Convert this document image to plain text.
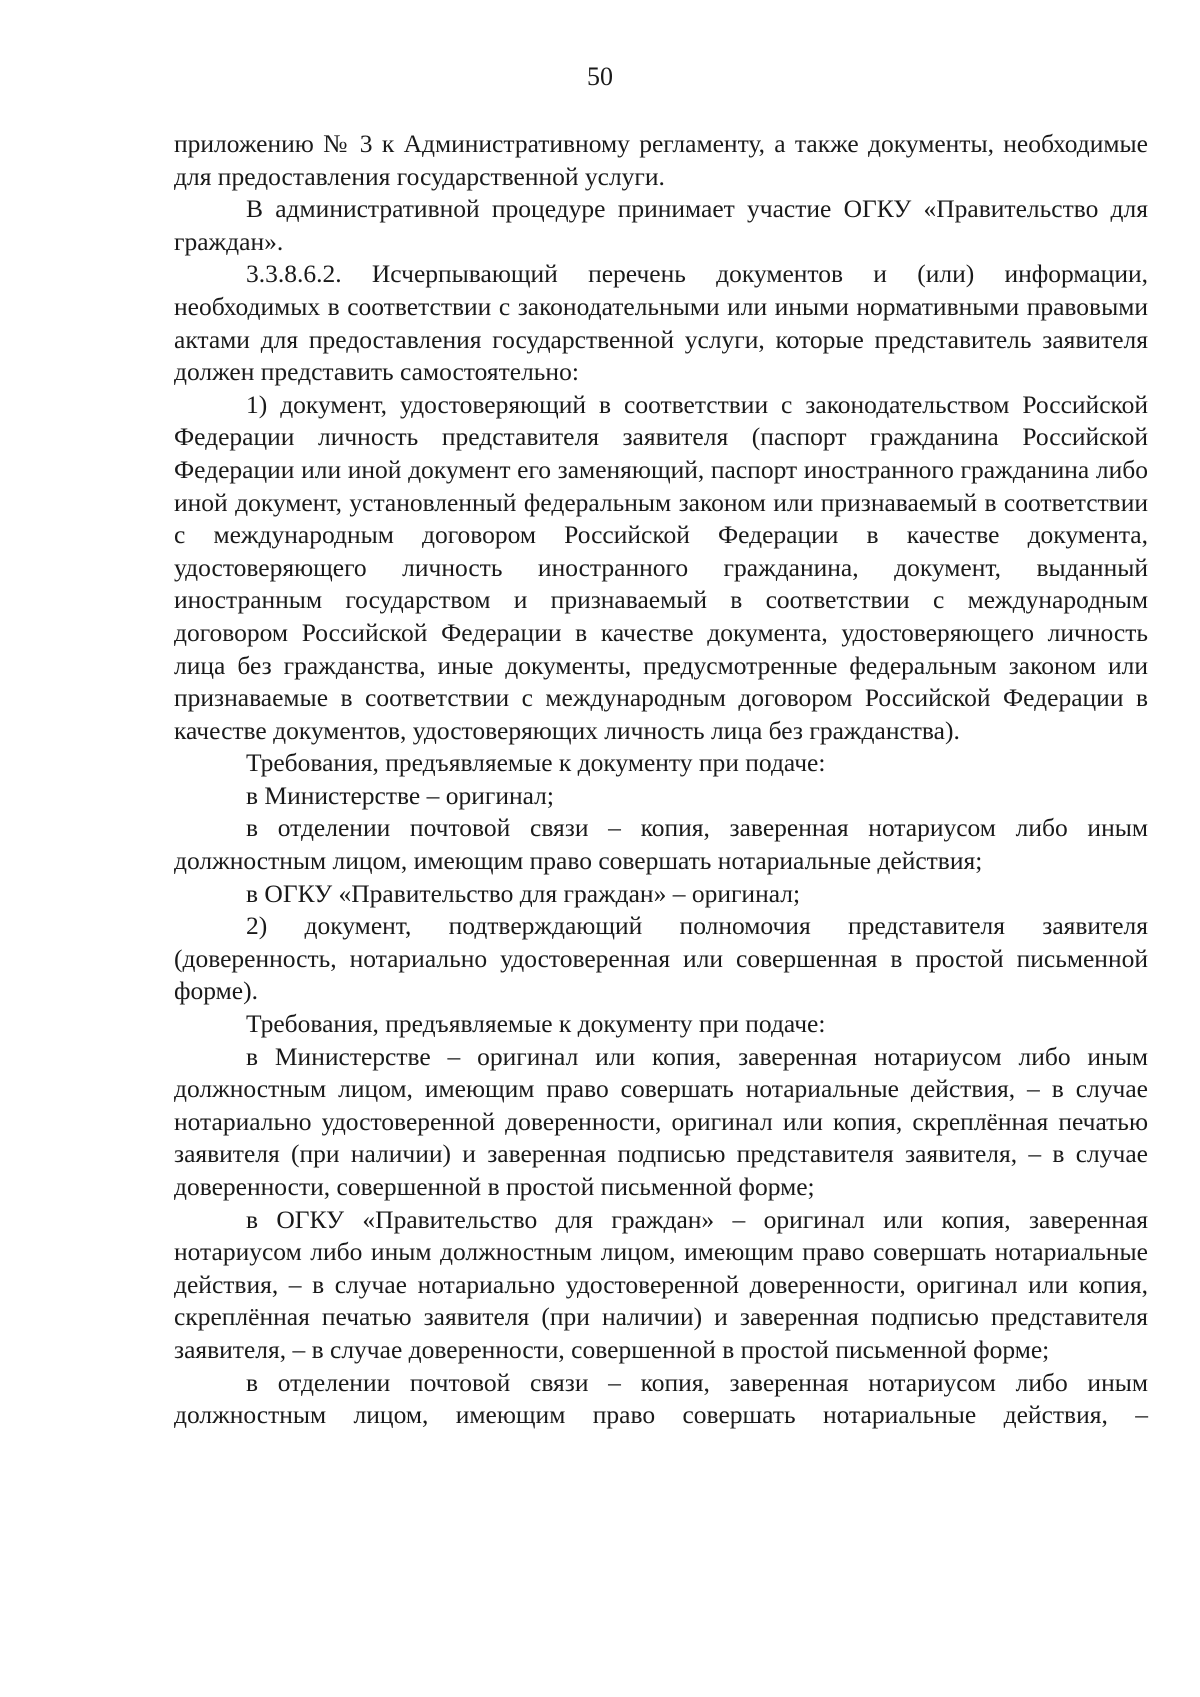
50

приложению № 3 к Административному регламенту, а также документы, необходимые для предоставления государственной услуги.

В административной процедуре принимает участие ОГКУ «Правительство для граждан».

3.3.8.6.2. Исчерпывающий перечень документов и (или) информации, необходимых в соответствии с законодательными или иными нормативными правовыми актами для предоставления государственной услуги, которые представитель заявителя должен представить самостоятельно:

1) документ, удостоверяющий в соответствии с законодательством Российской Федерации личность представителя заявителя (паспорт гражданина Российской Федерации или иной документ его заменяющий, паспорт иностранного гражданина либо иной документ, установленный федеральным законом или признаваемый в соответствии с международным договором Российской Федерации в качестве документа, удостоверяющего личность иностранного гражданина, документ, выданный иностранным государством и признаваемый в соответствии с международным договором Российской Федерации в качестве документа, удостоверяющего личность лица без гражданства, иные документы, предусмотренные федеральным законом или признаваемые в соответствии с международным договором Российской Федерации в качестве документов, удостоверяющих личность лица без гражданства).

Требования, предъявляемые к документу при подаче:

в Министерстве – оригинал;

в отделении почтовой связи – копия, заверенная нотариусом либо иным должностным лицом, имеющим право совершать нотариальные действия;

в ОГКУ «Правительство для граждан» – оригинал;

2) документ, подтверждающий полномочия представителя заявителя (доверенность, нотариально удостоверенная или совершенная в простой письменной форме).

Требования, предъявляемые к документу при подаче:

в Министерстве – оригинал или копия, заверенная нотариусом либо иным должностным лицом, имеющим право совершать нотариальные действия, – в случае нотариально удостоверенной доверенности, оригинал или копия, скреплённая печатью заявителя (при наличии) и заверенная подписью представителя заявителя, – в случае доверенности, совершенной в простой письменной форме;

в ОГКУ «Правительство для граждан» – оригинал или копия, заверенная нотариусом либо иным должностным лицом, имеющим право совершать нотариальные действия, – в случае нотариально удостоверенной доверенности, оригинал или копия, скреплённая печатью заявителя (при наличии) и заверенная подписью представителя заявителя, – в случае доверенности, совершенной в простой письменной форме;

в отделении почтовой связи – копия, заверенная нотариусом либо иным должностным лицом, имеющим право совершать нотариальные действия, –
